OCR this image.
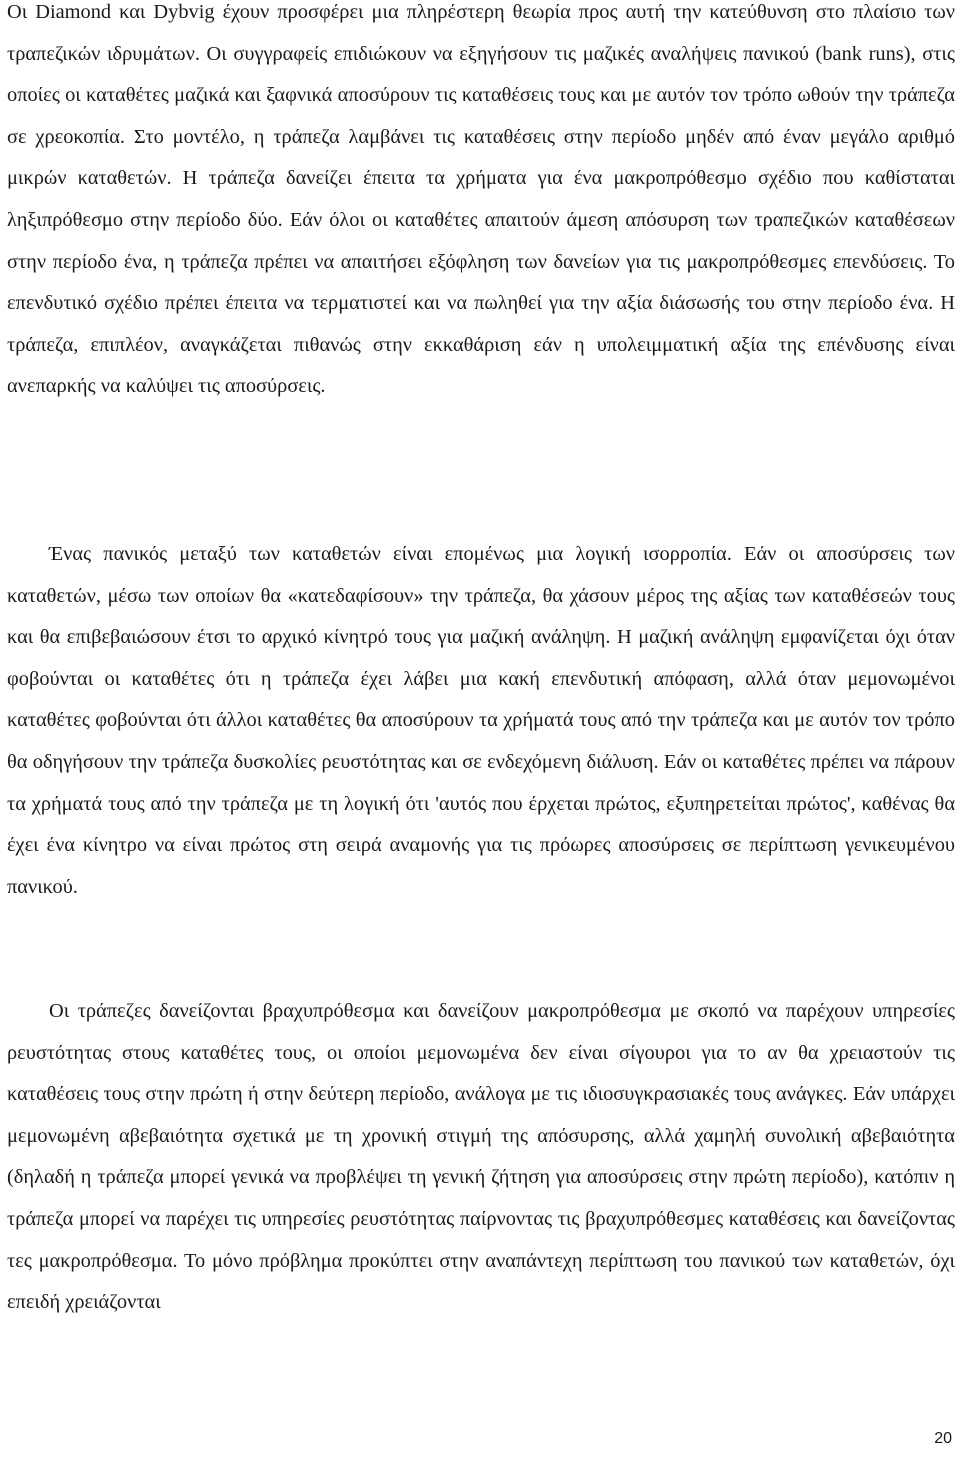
Οι Diamond και Dybvig έχουν προσφέρει μια πληρέστερη θεωρία προς αυτή την κατεύθυνση στο πλαίσιο των τραπεζικών ιδρυμάτων. Οι συγγραφείς επιδιώκουν να εξηγήσουν τις μαζικές αναλήψεις πανικού (bank runs), στις οποίες οι καταθέτες μαζικά και ξαφνικά αποσύρουν τις καταθέσεις τους και με αυτόν τον τρόπο ωθούν την τράπεζα σε χρεοκοπία. Στο μοντέλο, η τράπεζα λαμβάνει τις καταθέσεις στην περίοδο μηδέν από έναν μεγάλο αριθμό μικρών καταθετών. Η τράπεζα δανείζει έπειτα τα χρήματα για ένα μακροπρόθεσμο σχέδιο που καθίσταται ληξιπρόθεσμο στην περίοδο δύο. Εάν όλοι οι καταθέτες απαιτούν άμεση απόσυρση των τραπεζικών καταθέσεων στην περίοδο ένα, η τράπεζα πρέπει να απαιτήσει εξόφληση των δανείων για τις μακροπρόθεσμες επενδύσεις. Το επενδυτικό σχέδιο πρέπει έπειτα να τερματιστεί και να πωληθεί για την αξία διάσωσής του στην περίοδο ένα. Η τράπεζα, επιπλέον, αναγκάζεται πιθανώς στην εκκαθάριση εάν η υπολειμματική αξία της επένδυσης είναι ανεπαρκής να καλύψει τις αποσύρσεις.

Ένας πανικός μεταξύ των καταθετών είναι επομένως μια λογική ισορροπία. Εάν οι αποσύρσεις των καταθετών, μέσω των οποίων θα «κατεδαφίσουν» την τράπεζα, θα χάσουν μέρος της αξίας των καταθέσεών τους και θα επιβεβαιώσουν έτσι το αρχικό κίνητρό τους για μαζική ανάληψη. Η μαζική ανάληψη εμφανίζεται όχι όταν φοβούνται οι καταθέτες ότι η τράπεζα έχει λάβει μια κακή επενδυτική απόφαση, αλλά όταν μεμονωμένοι καταθέτες φοβούνται ότι άλλοι καταθέτες θα αποσύρουν τα χρήματά τους από την τράπεζα και με αυτόν τον τρόπο θα οδηγήσουν την τράπεζα δυσκολίες ρευστότητας και σε ενδεχόμενη διάλυση. Εάν οι καταθέτες πρέπει να πάρουν τα χρήματά τους από την τράπεζα με τη λογική ότι 'αυτός που έρχεται πρώτος, εξυπηρετείται πρώτος', καθένας θα έχει ένα κίνητρο να είναι πρώτος στη σειρά αναμονής για τις πρόωρες αποσύρσεις σε περίπτωση γενικευμένου πανικού.

Οι τράπεζες δανείζονται βραχυπρόθεσμα και δανείζουν μακροπρόθεσμα με σκοπό να παρέχουν υπηρεσίες ρευστότητας στους καταθέτες τους, οι οποίοι μεμονωμένα δεν είναι σίγουροι για το αν θα χρειαστούν τις καταθέσεις τους στην πρώτη ή στην δεύτερη περίοδο, ανάλογα με τις ιδιοσυγκρασιακές τους ανάγκες. Εάν υπάρχει μεμονωμένη αβεβαιότητα σχετικά με τη χρονική στιγμή της απόσυρσης, αλλά χαμηλή συνολική αβεβαιότητα (δηλαδή η τράπεζα μπορεί γενικά να προβλέψει τη γενική ζήτηση για αποσύρσεις στην πρώτη περίοδο), κατόπιν η τράπεζα μπορεί να παρέχει τις υπηρεσίες ρευστότητας παίρνοντας τις βραχυπρόθεσμες καταθέσεις και δανείζοντας τες μακροπρόθεσμα. Το μόνο πρόβλημα προκύπτει στην αναπάντεχη περίπτωση του πανικού των καταθετών, όχι επειδή χρειάζονται

20
